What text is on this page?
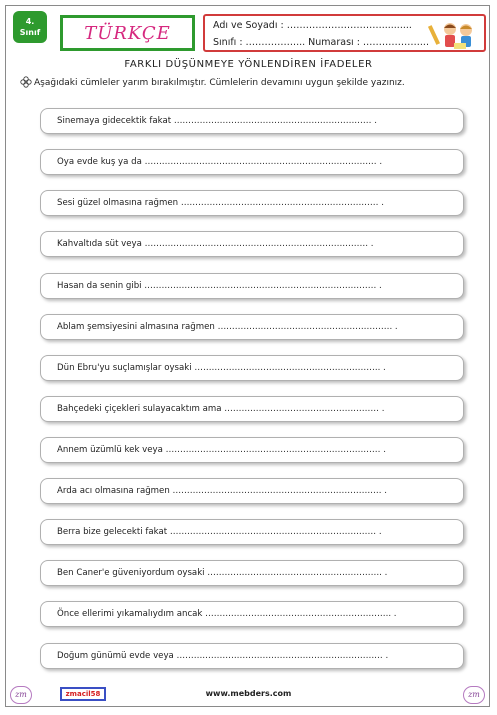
4.
Sınıf	TÜRKÇE	Adı ve Soyadı : …………………………..........
Sınıfı : …………….... Numarası : ………………...
FARKLI DÜŞÜNMEYE YÖNLENDİREN İFADELER
Aşağıdaki cümleler yarım bırakılmıştır. Cümlelerin devamını uygun şekilde yazınız.
Sinemaya gidecektik fakat …………………………………………………………… .
Oya evde kuş ya da ……………………………………………………………………… .
Sesi güzel olmasına rağmen …………………………………………………………… .
Kahvaltıda süt veya …………………………………………………………………… .
Hasan da senin gibi ……………………………………………………………………… .
Ablam şemsiyesini almasına rağmen ……………………………………………………. .
Dün Ebru'yu suçlamışlar oysaki ……………………………………………………….. .
Bahçedeki çiçekleri sulayacaktım ama ……………………………………………… .
Annem üzümlü kek veya ………………………………………………………………… .
Arda acı olmasına rağmen ………………………………………………………………. .
Berra bize gelecekti fakat ……………………………………………………………… .
Ben Caner'e güveniyordum oysaki ……………………………………………………. .
Önce ellerimi yıkamalıydım ancak ……………………………………………………….. .
Doğum günümü evde veya ……………………………………………………………… .
zm	zmacil58	www.mebders.com	zm
